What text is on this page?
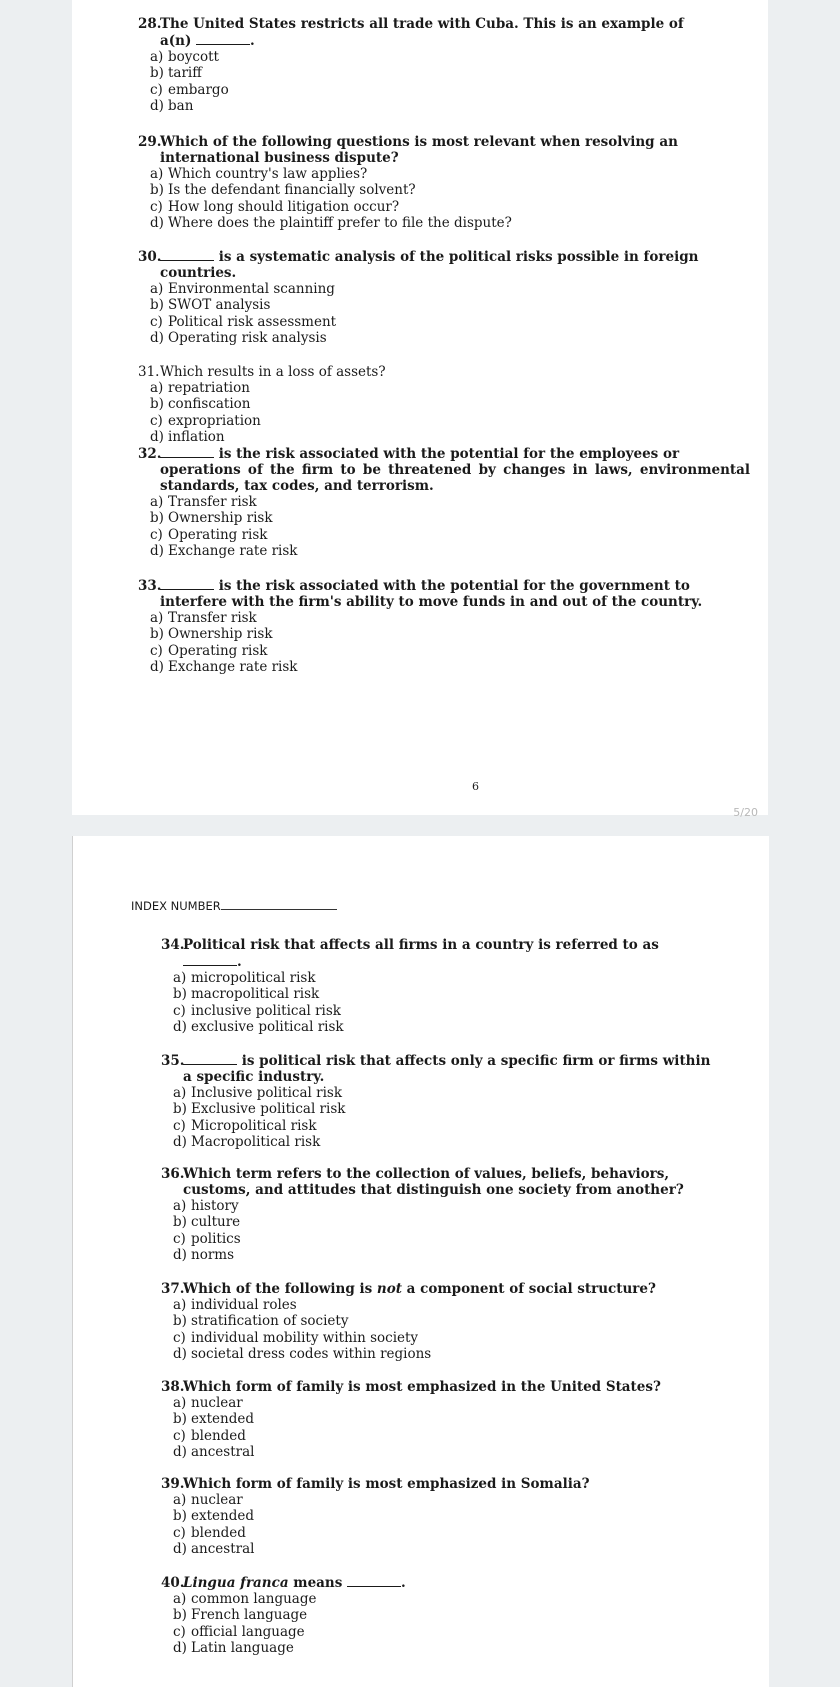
28.The United States restricts all trade with Cuba. This is an example of
a(n)	.
a) boycott
b) tariff
c) embargo
d) ban
29.Which of the following questions is most relevant when resolving an
international business dispute?
a) Which country's law applies?
b) Is the defendant financially solvent?
c) How long should litigation occur?
d) Where does the plaintiff prefer to file the dispute?
30.	is a systematic analysis of the political risks possible in foreign
countries.
a) Environmental scanning
b) SWOT analysis
c) Political risk assessment
d) Operating risk analysis
31.Which results in a loss of assets?
a) repatriation
b) confiscation
c) expropriation
d) inflation
32.	is the risk associated with the potential for the employees or
operations of the firm to be threatened by changes in laws, environmental standards, tax codes, and terrorism.
a) Transfer risk
b) Ownership risk
c) Operating risk
d) Exchange rate risk
33.	is the risk associated with the potential for the government to
interfere with the firm's ability to move funds in and out of the country.
a) Transfer risk
b) Ownership risk
c) Operating risk
d) Exchange rate risk
6
5/20
INDEX NUMBER
34.Political risk that affects all firms in a country is referred to as
.
a) micropolitical risk
b) macropolitical risk
c) inclusive political risk
d) exclusive political risk
35.	is political risk that affects only a specific firm or firms within
a specific industry.
a) Inclusive political risk
b) Exclusive political risk
c) Micropolitical risk
d) Macropolitical risk
36.Which term refers to the collection of values, beliefs, behaviors,
customs, and attitudes that distinguish one society from another?
a) history
b) culture
c) politics
d) norms
37.Which of the following is not a component of social structure?
a) individual roles
b) stratification of society
c) individual mobility within society
d) societal dress codes within regions
38.Which form of family is most emphasized in the United States?
a) nuclear
b) extended
c) blended
d) ancestral
39.Which form of family is most emphasized in Somalia?
a) nuclear
b) extended
c) blended
d) ancestral
40.Lingua franca means	.
a) common language
b) French language
c) official language
d) Latin language
